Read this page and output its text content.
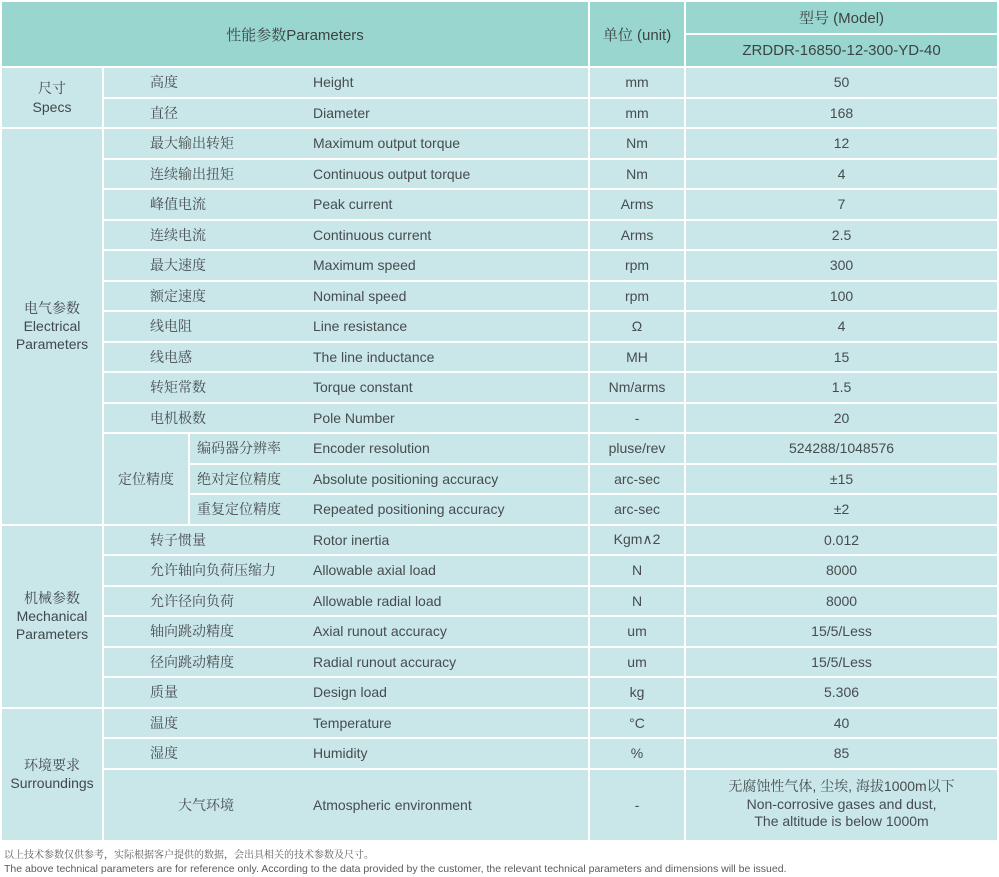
性能参数Parameters			单位 (unit)	型号 (Model)
				ZRDDR-16850-12-300-YD-40

尺寸
Specs	高度 Height		mm	50
	直径 Diameter		mm	168

电气参数
Electrical Parameters	最大输出转矩 Maximum output torque		Nm	12
	连续输出扭矩 Continuous output torque		Nm	4
	峰值电流 Peak current		Arms	7
	连续电流 Continuous current		Arms	2.5
	最大速度 Maximum speed		rpm	300
	额定速度 Nominal speed		rpm	100
	线电阻 Line resistance		Ω	4
	线电感 The line inductance		MH	15
	转矩常数 Torque constant		Nm/arms	1.5
	电机极数 Pole Number		-	20
	定位精度	编码器分辨率 Encoder resolution	pluse/rev	524288/1048576
		绝对定位精度 Absolute positioning accuracy	arc-sec	±15
		重复定位精度 Repeated positioning accuracy	arc-sec	±2

机械参数
Mechanical Parameters	转子惯量 Rotor inertia		Kgm∧2	0.012
	允许轴向负荷压缩力 Allowable axial load		N	8000
	允许径向负荷 Allowable radial load		N	8000
	轴向跳动精度 Axial runout accuracy		um	15/5/Less
	径向跳动精度 Radial runout accuracy		um	15/5/Less
	质量 Design load		kg	5.306

环境要求
Surroundings	温度 Temperature		°C	40
	湿度 Humidity		%	85
	大气环境 Atmospheric environment		-	无腐蚀性气体, 尘埃, 海拔1000m以下
Non-corrosive gases and dust,
The altitude is below 1000m
以上技术参数仅供参考，实际根据客户提供的数据，会出具相关的技术参数及尺寸。
The above technical parameters are for reference only. According to the data provided by the customer, the relevant technical parameters and dimensions will be issued.
